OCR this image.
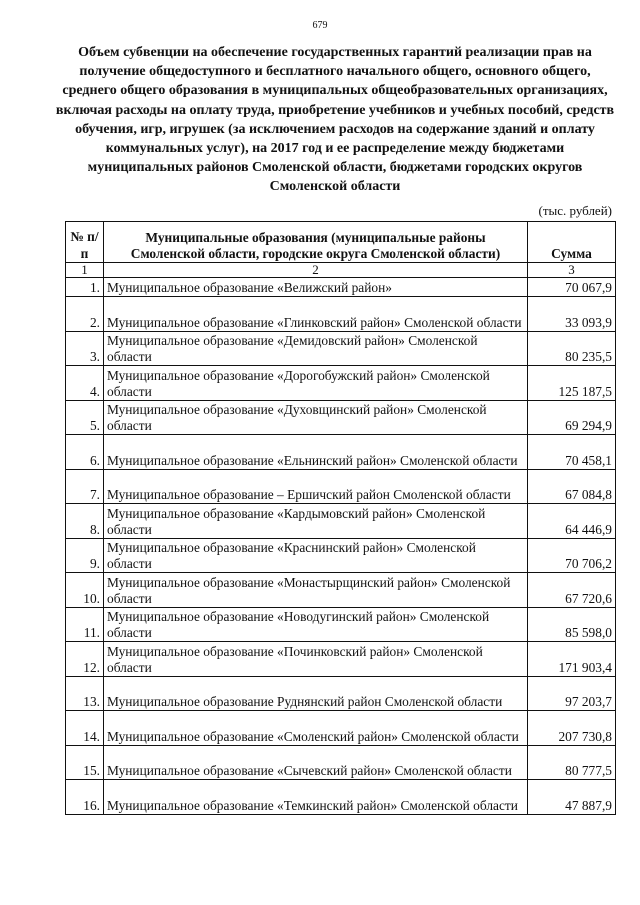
679
Объем субвенции на обеспечение государственных гарантий реализации прав на получение общедоступного и бесплатного начального общего, основного общего, среднего общего образования в муниципальных общеобразовательных организациях, включая расходы на оплату труда, приобретение учебников и учебных пособий, средств обучения, игр, игрушек (за исключением расходов на содержание зданий и оплату коммунальных услуг), на 2017 год и ее распределение между бюджетами муниципальных районов Смоленской области, бюджетами городских округов Смоленской области
(тыс. рублей)
№ п/п	Муниципальные образования (муниципальные районы Смоленской области, городские округа Смоленской области)	Сумма
1	2	3
1.	Муниципальное образование «Велижский район»	70 067,9
2.	Муниципальное образование «Глинковский район» Смоленской области	33 093,9
3.	Муниципальное образование «Демидовский район» Смоленской области	80 235,5
4.	Муниципальное образование «Дорогобужский район» Смоленской области	125 187,5
5.	Муниципальное образование «Духовщинский район» Смоленской области	69 294,9
6.	Муниципальное образование «Ельнинский район» Смоленской области	70 458,1
7.	Муниципальное образование – Ершичский район Смоленской области	67 084,8
8.	Муниципальное образование «Кардымовский район» Смоленской области	64 446,9
9.	Муниципальное образование «Краснинский район» Смоленской области	70 706,2
10.	Муниципальное образование «Монастырщинский район» Смоленской области	67 720,6
11.	Муниципальное образование «Новодугинский район» Смоленской области	85 598,0
12.	Муниципальное образование «Починковский район» Смоленской области	171 903,4
13.	Муниципальное образование Руднянский район Смоленской области	97 203,7
14.	Муниципальное образование «Смоленский район» Смоленской области	207 730,8
15.	Муниципальное образование «Сычевский район» Смоленской области	80 777,5
16.	Муниципальное образование «Темкинский район» Смоленской области	47 887,9
